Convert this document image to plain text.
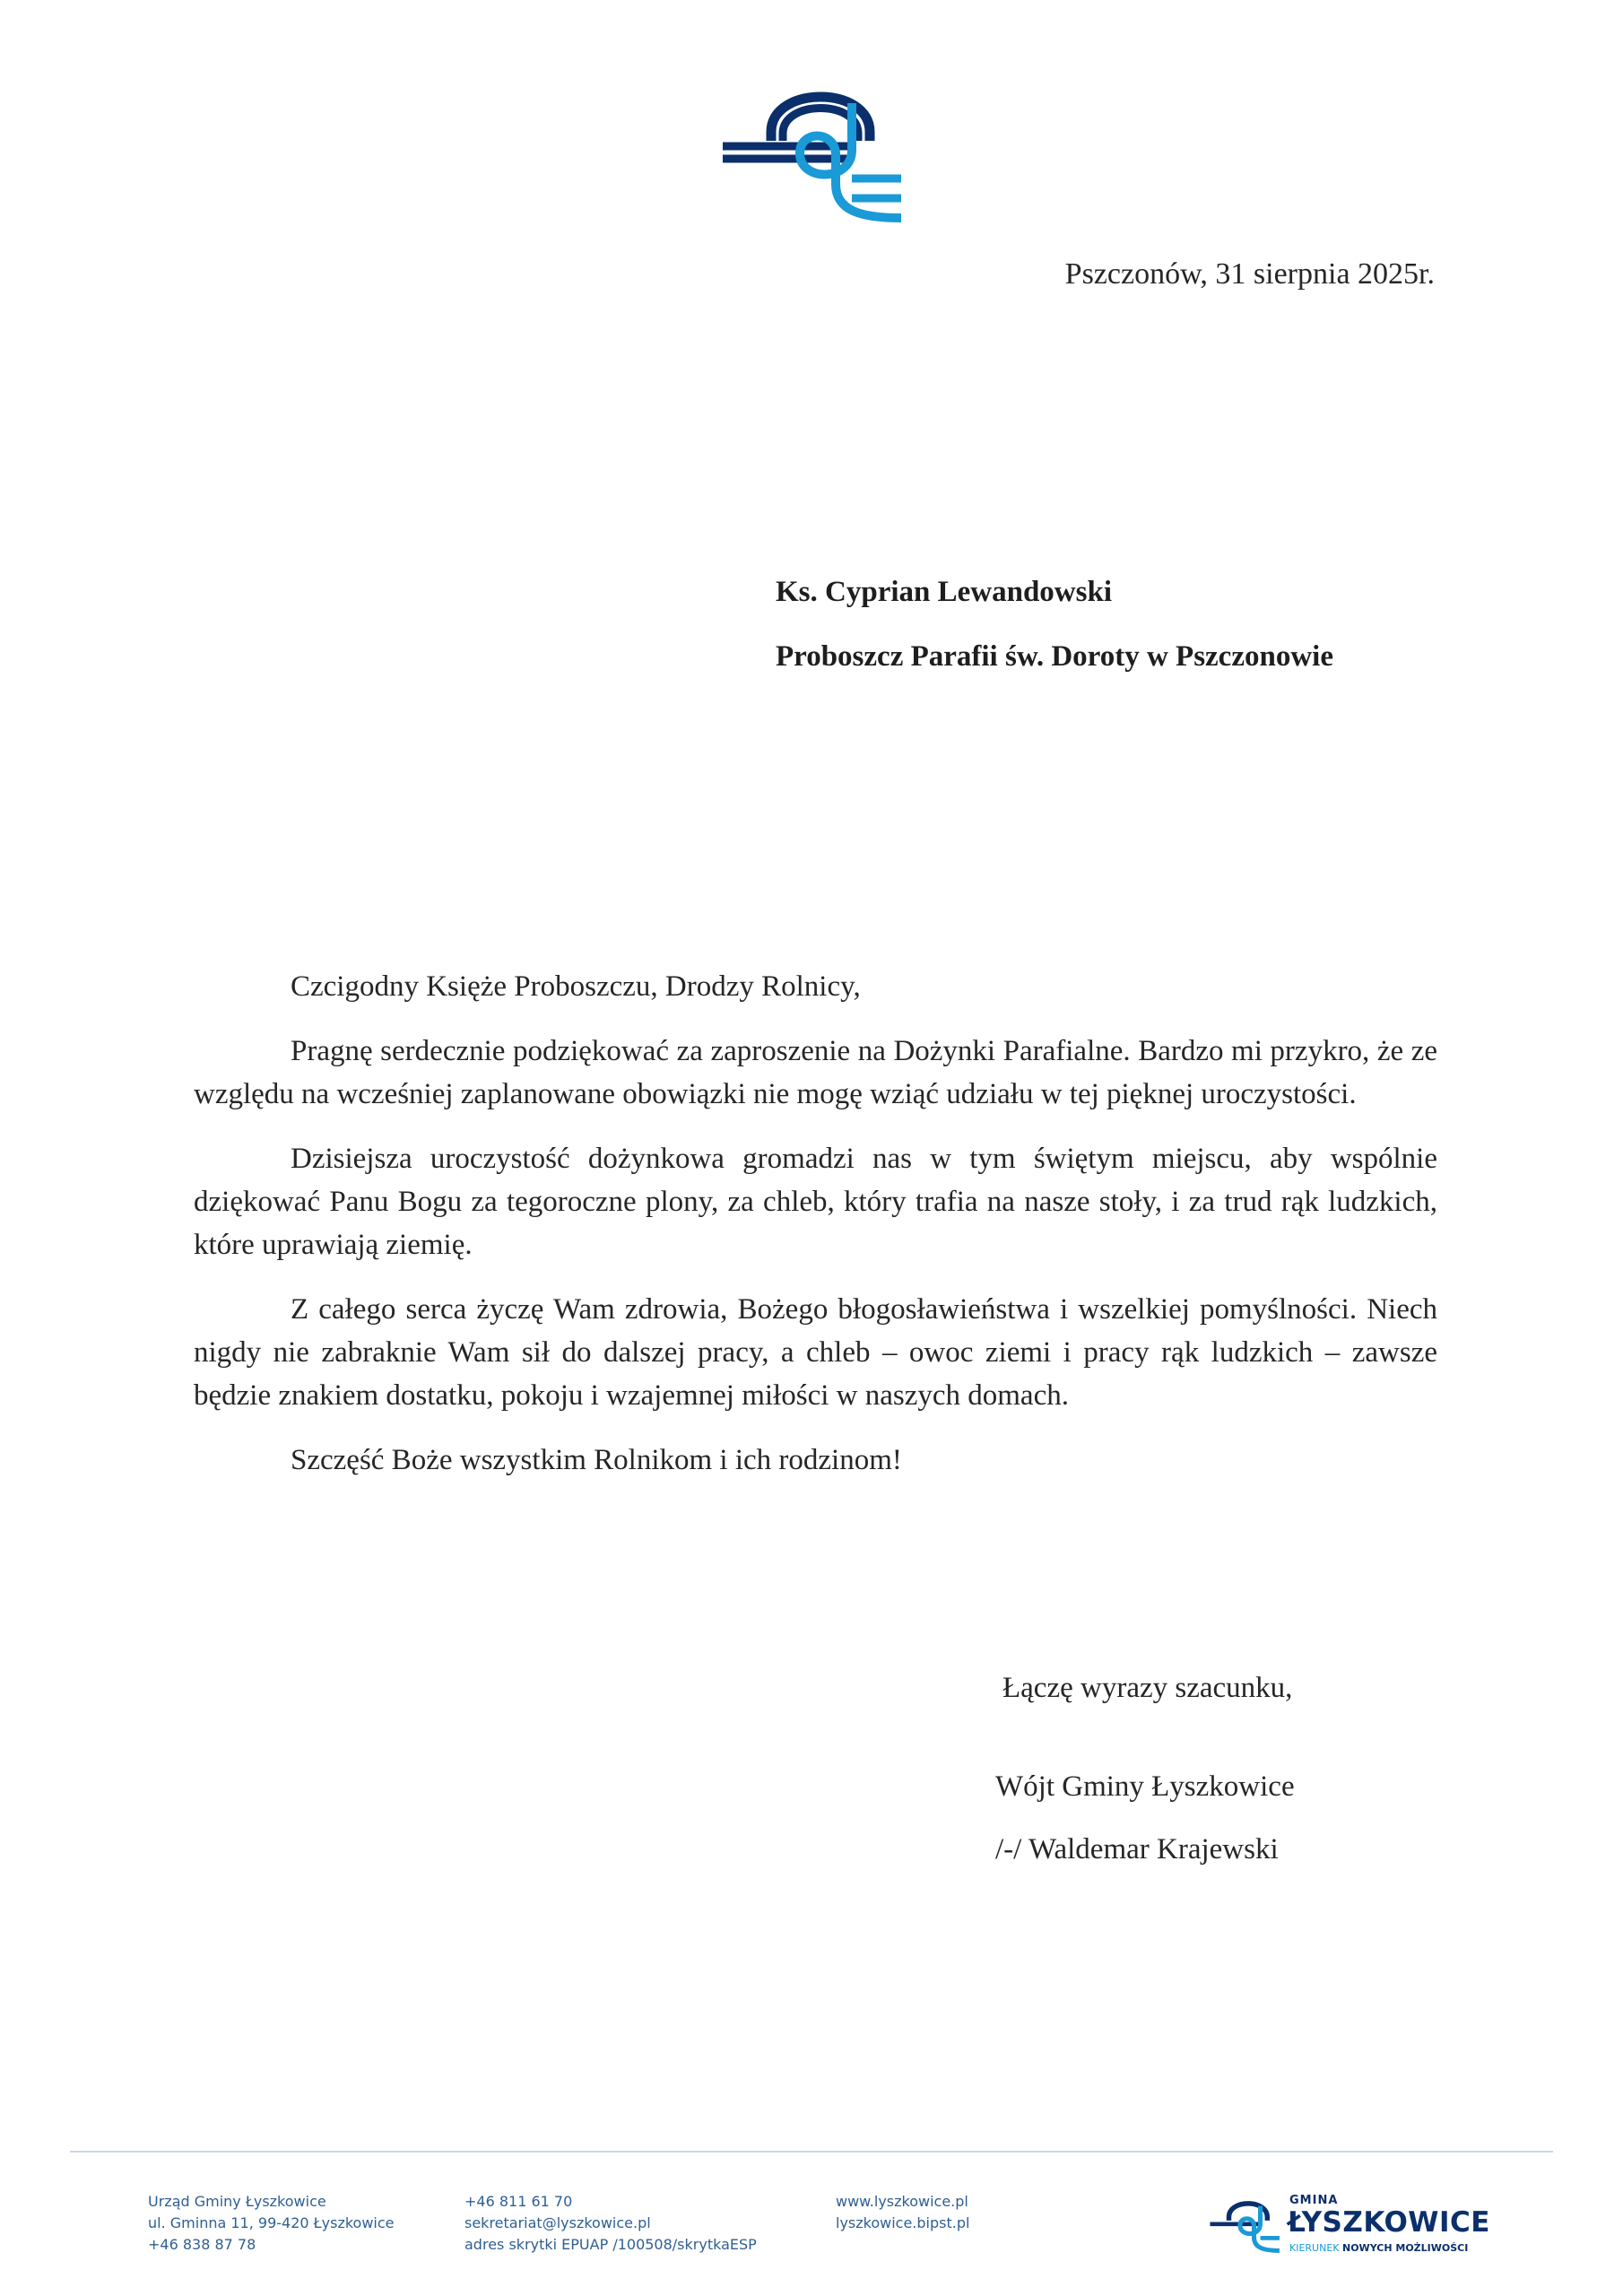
Pszczonów, 31 sierpnia 2025r.
Ks. Cyprian Lewandowski
Proboszcz Parafii św. Doroty w Pszczonowie
Czcigodny Księże Proboszczu, Drodzy Rolnicy,

Pragnę serdecznie podziękować za zaproszenie na Dożynki Parafialne. Bardzo mi przykro, że ze względu na wcześniej zaplanowane obowiązki nie mogę wziąć udziału w tej pięknej uroczystości.

Dzisiejsza uroczystość dożynkowa gromadzi nas w tym świętym miejscu, aby wspólnie dziękować Panu Bogu za tegoroczne plony, za chleb, który trafia na nasze stoły, i za trud rąk ludzkich, które uprawiają ziemię.

Z całego serca życzę Wam zdrowia, Bożego błogosławieństwa i wszelkiej pomyślności. Niech nigdy nie zabraknie Wam sił do dalszej pracy, a chleb – owoc ziemi i pracy rąk ludzkich – zawsze będzie znakiem dostatku, pokoju i wzajemnej miłości w naszych domach.

Szczęść Boże wszystkim Rolnikom i ich rodzinom!
Łączę wyrazy szacunku,
Wójt Gminy Łyszkowice
/-/ Waldemar Krajewski
Urząd Gminy Łyszkowice
ul. Gminna 11, 99-420 Łyszkowice
+46 838 87 78
+46 811 61 70
sekretariat@lyszkowice.pl
adres skrytki EPUAP /100508/skrytkaESP
www.lyszkowice.pl
lyszkowice.bipst.pl
GMINA
ŁYSZKOWICE
KIERUNEK NOWYCH MOŻLIWOŚCI
